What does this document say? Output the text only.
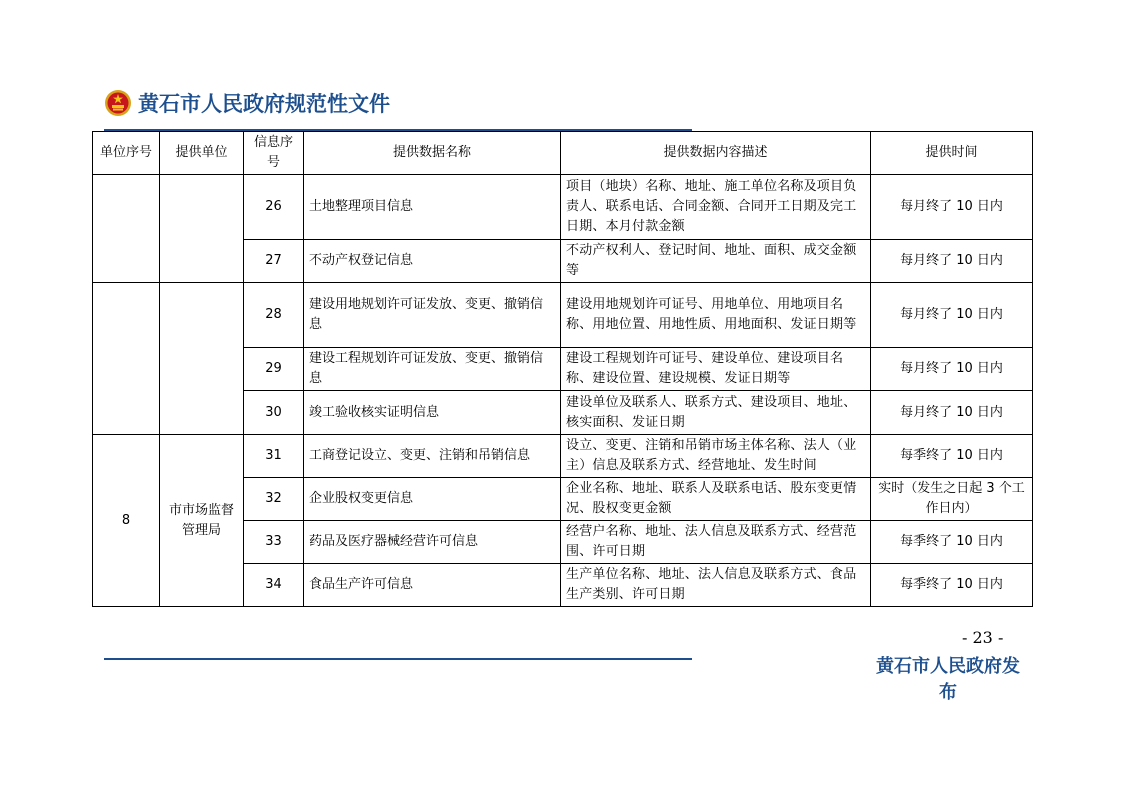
黄石市人民政府规范性文件
单位序号	提供单位	信息序号	提供数据名称	提供数据内容描述	提供时间
		26	土地整理项目信息	项目（地块）名称、地址、施工单位名称及项目负责人、联系电话、合同金额、合同开工日期及完工日期、本月付款金额	每月终了 10 日内
		27	不动产权登记信息	不动产权利人、登记时间、地址、面积、成交金额等	每月终了 10 日内
		28	建设用地规划许可证发放、变更、撤销信息	建设用地规划许可证号、用地单位、用地项目名称、用地位置、用地性质、用地面积、发证日期等	每月终了 10 日内
		29	建设工程规划许可证发放、变更、撤销信息	建设工程规划许可证号、建设单位、建设项目名称、建设位置、建设规模、发证日期等	每月终了 10 日内
		30	竣工验收核实证明信息	建设单位及联系人、联系方式、建设项目、地址、核实面积、发证日期	每月终了 10 日内
8	市市场监督管理局	31	工商登记设立、变更、注销和吊销信息	设立、变更、注销和吊销市场主体名称、法人（业主）信息及联系方式、经营地址、发生时间	每季终了 10 日内
		32	企业股权变更信息	企业名称、地址、联系人及联系电话、股东变更情况、股权变更金额	实时（发生之日起 3 个工作日内）
		33	药品及医疗器械经营许可信息	经营户名称、地址、法人信息及联系方式、经营范围、许可日期	每季终了 10 日内
		34	食品生产许可信息	生产单位名称、地址、法人信息及联系方式、食品生产类别、许可日期	每季终了 10 日内
- 23 -
黄石市人民政府发布
